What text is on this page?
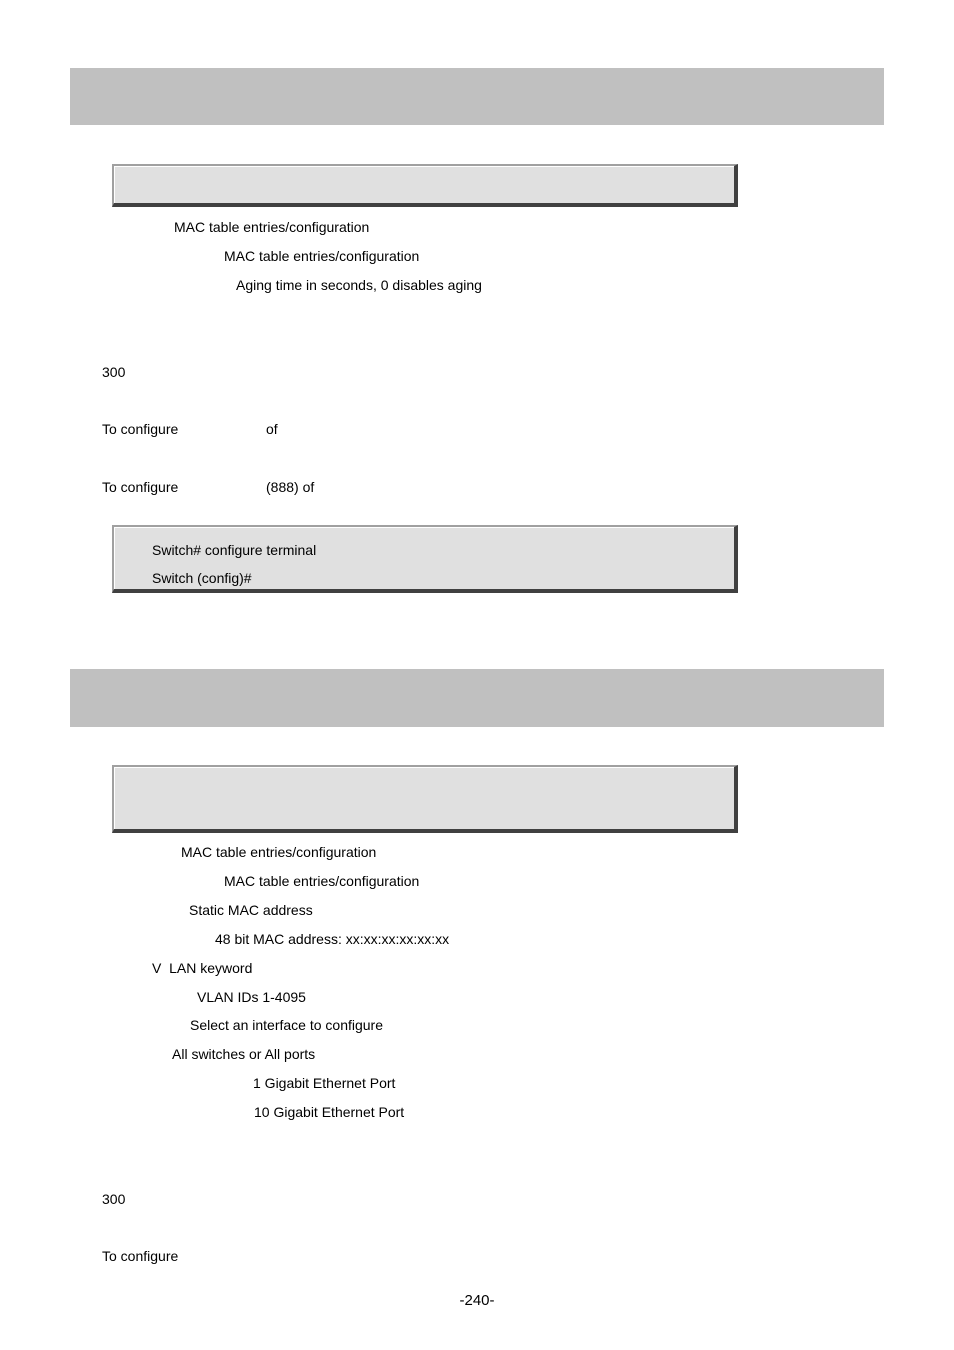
MAC table entries/configuration
MAC table entries/configuration
Aging time in seconds, 0 disables aging
300
To configure	of
To configure	(888) of
Switch# configure terminal
Switch (config)#
MAC table entries/configuration
MAC table entries/configuration
Static MAC address
48 bit MAC address: xx:xx:xx:xx:xx:xx
V  LAN keyword
VLAN IDs 1-4095
Select an interface to configure
All switches or All ports
1 Gigabit Ethernet Port
10 Gigabit Ethernet Port
300
To configure
-240-
